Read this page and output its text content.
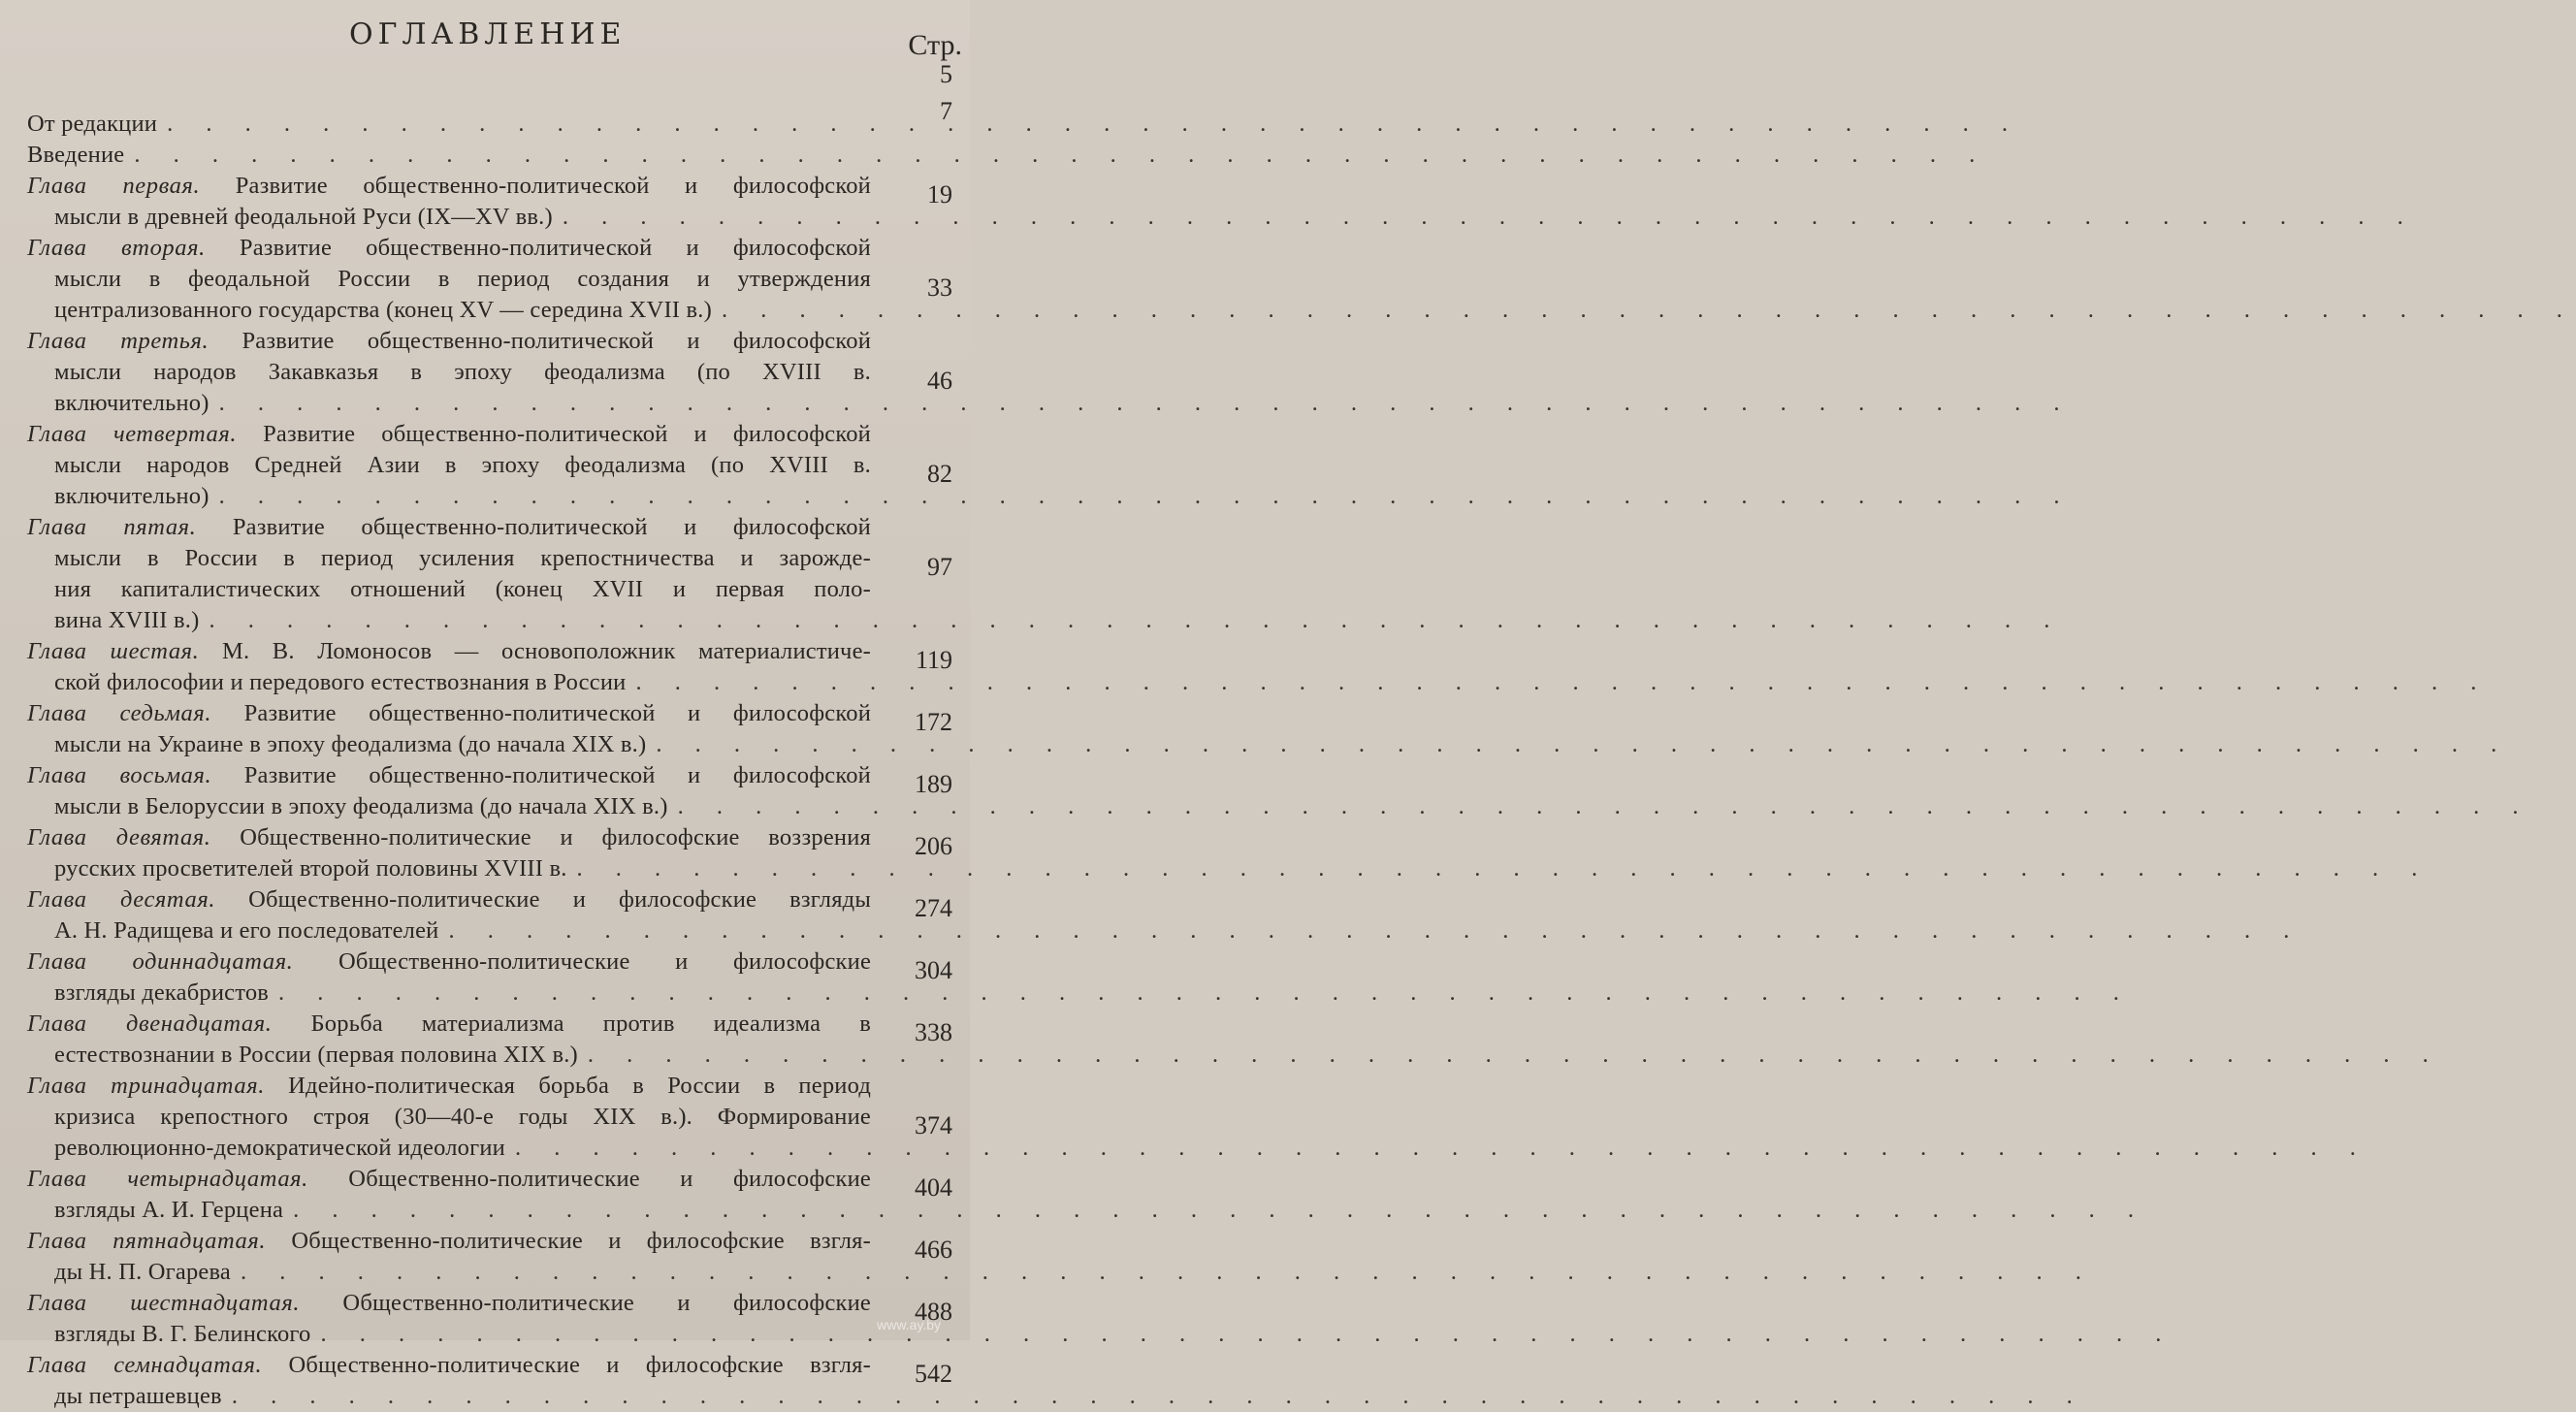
ОГЛАВЛЕНИЕ	Стр.
От редакции
. . .
5
Введение
. . .
7
Глава первая. Развитие общественно-политической и философской
мысли в древней феодальной Руси (IX—XV вв.)
. . .
19
Глава вторая. Развитие общественно-политической и философской
мысли в феодальной России в период создания и утверждения
централизованного государства (конец XV — середина XVII в.)
. . .
33
Глава третья. Развитие общественно-политической и философской
мысли народов Закавказья в эпоху феодализма (по XVIII в.
включительно)
. . .
46
Глава четвертая. Развитие общественно-политической и философской
мысли народов Средней Азии в эпоху феодализма (по XVIII в.
включительно)
. . .
82
Глава пятая. Развитие общественно-политической и философской
мысли в России в период усиления крепостничества и зарожде-
ния капиталистических отношений (конец XVII и первая поло-
вина XVIII в.)
. . .
97
Глава шестая. М. В. Ломоносов — основоположник материалистиче-
ской философии и передового естествознания в России
. . .
119
Глава седьмая. Развитие общественно-политической и философской
мысли на Украине в эпоху феодализма (до начала XIX в.)
. . .
172
Глава восьмая. Развитие общественно-политической и философской
мысли в Белоруссии в эпоху феодализма (до начала XIX в.)
. . .
189
Глава девятая. Общественно-политические и философские воззрения
русских просветителей второй половины XVIII в.
. . .
206
Глава десятая. Общественно-политические и философские взгляды
А. Н. Радищева и его последователей
. . .
274
Глава одиннадцатая. Общественно-политические и философские
взгляды декабристов
. . .
304
Глава двенадцатая. Борьба материализма против идеализма в
естествознании в России (первая половина XIX в.)
. . .
338
Глава тринадцатая. Идейно-политическая борьба в России в период
кризиса крепостного строя (30—40-е годы XIX в.). Формирование
революционно-демократической идеологии
. . .
374
Глава четырнадцатая. Общественно-политические и философские
взгляды А. И. Герцена
. . .
404
Глава пятнадцатая. Общественно-политические и философские взгля-
ды Н. П. Огарева
. . .
466
Глава шестнадцатая. Общественно-политические и философские
взгляды В. Г. Белинского
. . .
488
Глава семнадцатая. Общественно-политические и философские взгля-
ды петрашевцев
. . .
542
www.ay.by
